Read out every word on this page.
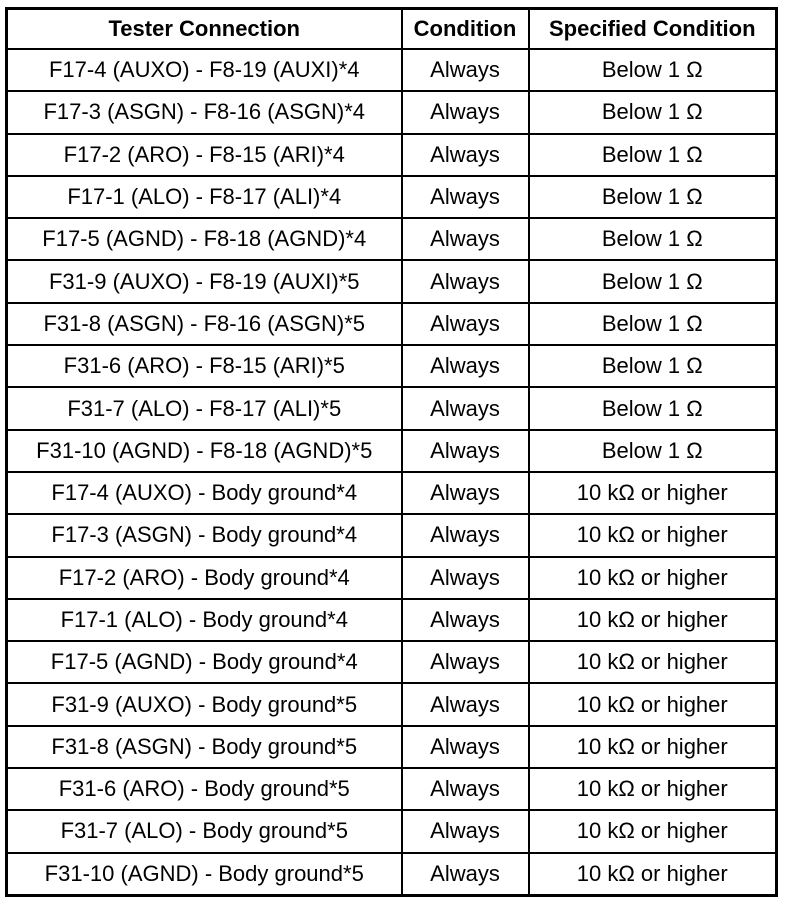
Tester Connection	Condition	Specified Condition
F17-4 (AUXO) - F8-19 (AUXI)*4	Always	Below 1 Ω
F17-3 (ASGN) - F8-16 (ASGN)*4	Always	Below 1 Ω
F17-2 (ARO) - F8-15 (ARI)*4	Always	Below 1 Ω
F17-1 (ALO) - F8-17 (ALI)*4	Always	Below 1 Ω
F17-5 (AGND) - F8-18 (AGND)*4	Always	Below 1 Ω
F31-9 (AUXO) - F8-19 (AUXI)*5	Always	Below 1 Ω
F31-8 (ASGN) - F8-16 (ASGN)*5	Always	Below 1 Ω
F31-6 (ARO) - F8-15 (ARI)*5	Always	Below 1 Ω
F31-7 (ALO) - F8-17 (ALI)*5	Always	Below 1 Ω
F31-10 (AGND) - F8-18 (AGND)*5	Always	Below 1 Ω
F17-4 (AUXO) - Body ground*4	Always	10 kΩ or higher
F17-3 (ASGN) - Body ground*4	Always	10 kΩ or higher
F17-2 (ARO) - Body ground*4	Always	10 kΩ or higher
F17-1 (ALO) - Body ground*4	Always	10 kΩ or higher
F17-5 (AGND) - Body ground*4	Always	10 kΩ or higher
F31-9 (AUXO) - Body ground*5	Always	10 kΩ or higher
F31-8 (ASGN) - Body ground*5	Always	10 kΩ or higher
F31-6 (ARO) - Body ground*5	Always	10 kΩ or higher
F31-7 (ALO) - Body ground*5	Always	10 kΩ or higher
F31-10 (AGND) - Body ground*5	Always	10 kΩ or higher
